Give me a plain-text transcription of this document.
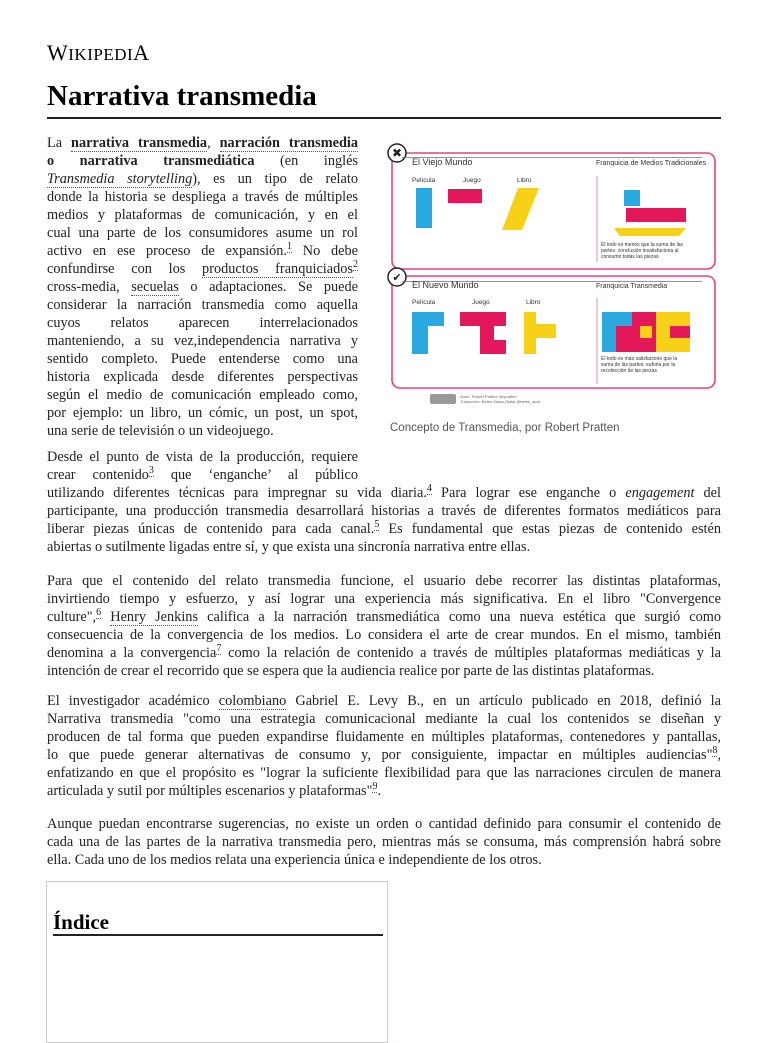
WIKIPEDIA
Narrativa transmedia
La narrativa transmedia, narración transmedia
o narrativa transmediática (en inglés
Transmedia storytelling), es un tipo de relato
donde la historia se despliega a través de múltiples
medios y plataformas de comunicación, y en el
cual una parte de los consumidores asume un rol
activo en ese proceso de expansión.$^1$ No debe
confundirse con los productos franquiciados$^2$
cross-media, secuelas o adaptaciones. Se puede
considerar la narración transmedia como aquella
cuyos relatos aparecen interrelacionados
manteniendo, a su vez,independencia narrativa y
sentido completo. Puede entenderse como una
historia explicada desde diferentes perspectivas
según el medio de comunicación empleado como,
por ejemplo: un libro, un cómic, un post, un spot,
una serie de televisión o un videojuego.
✖
El Viejo Mundo	Franquicia de Medios Tradicionales
Película	Juego	Libro
El todo es menos que la suma de las
partes: conclusión insatisfactoria al
consumir todas las piezas
✔
El Nuevo Mundo	Franquicia Transmedia
Película	Juego	Libro
El todo es más satisfactorio que la
suma de las partes: euforia por la
recolección de las piezas
Autor: Robert Pratten @rpratten
Traducción: Belén Santa-Olalla @belen_sinki
Concepto de Transmedia, por Robert Pratten
Desde el punto de vista de la producción, requiere
crear contenido$^3$ que ‘enganche’ al público
utilizando diferentes técnicas para impregnar su vida diaria.$^4$ Para lograr ese enganche o engagement del
participante, una producción transmedia desarrollará historias a través de diferentes formatos mediáticos para
liberar piezas únicas de contenido para cada canal.$^5$ Es fundamental que estas piezas de contenido estén
abiertas o sutilmente ligadas entre sí, y que exista una sincronía narrativa entre ellas.
Para que el contenido del relato transmedia funcione, el usuario debe recorrer las distintas plataformas,
invirtiendo tiempo y esfuerzo, y así lograr una experiencia más significativa. En el libro "Convergence
culture",$^6$ Henry Jenkins califica a la narración transmediática como una nueva estética que surgió como
consecuencia de la convergencia de los medios. Lo considera el arte de crear mundos. En el mismo, también
denomina a la convergencia$^7$ como la relación de contenido a través de múltiples plataformas mediáticas y la
intención de crear el recorrido que se espera que la audiencia realice por parte de las distintas plataformas.
El investigador académico colombiano Gabriel E. Levy B., en un artículo publicado en 2018, definió la
Narrativa transmedia "como una estrategia comunicacional mediante la cual los contenidos se diseñan y
producen de tal forma que pueden expandirse fluidamente en múltiples plataformas, contenedores y pantallas,
lo que puede generar alternativas de consumo y, por consiguiente, impactar en múltiples audiencias"$^8$,
enfatizando en que el propósito es "lograr la suficiente flexibilidad para que las narraciones circulen de manera
articulada y sutil por múltiples escenarios y plataformas"$^9$.
Aunque puedan encontrarse sugerencias, no existe un orden o cantidad definido para consumir el contenido de
cada una de las partes de la narrativa transmedia pero, mientras más se consuma, más comprensión habrá sobre
ella. Cada uno de los medios relata una experiencia única e independiente de los otros.
Índice
